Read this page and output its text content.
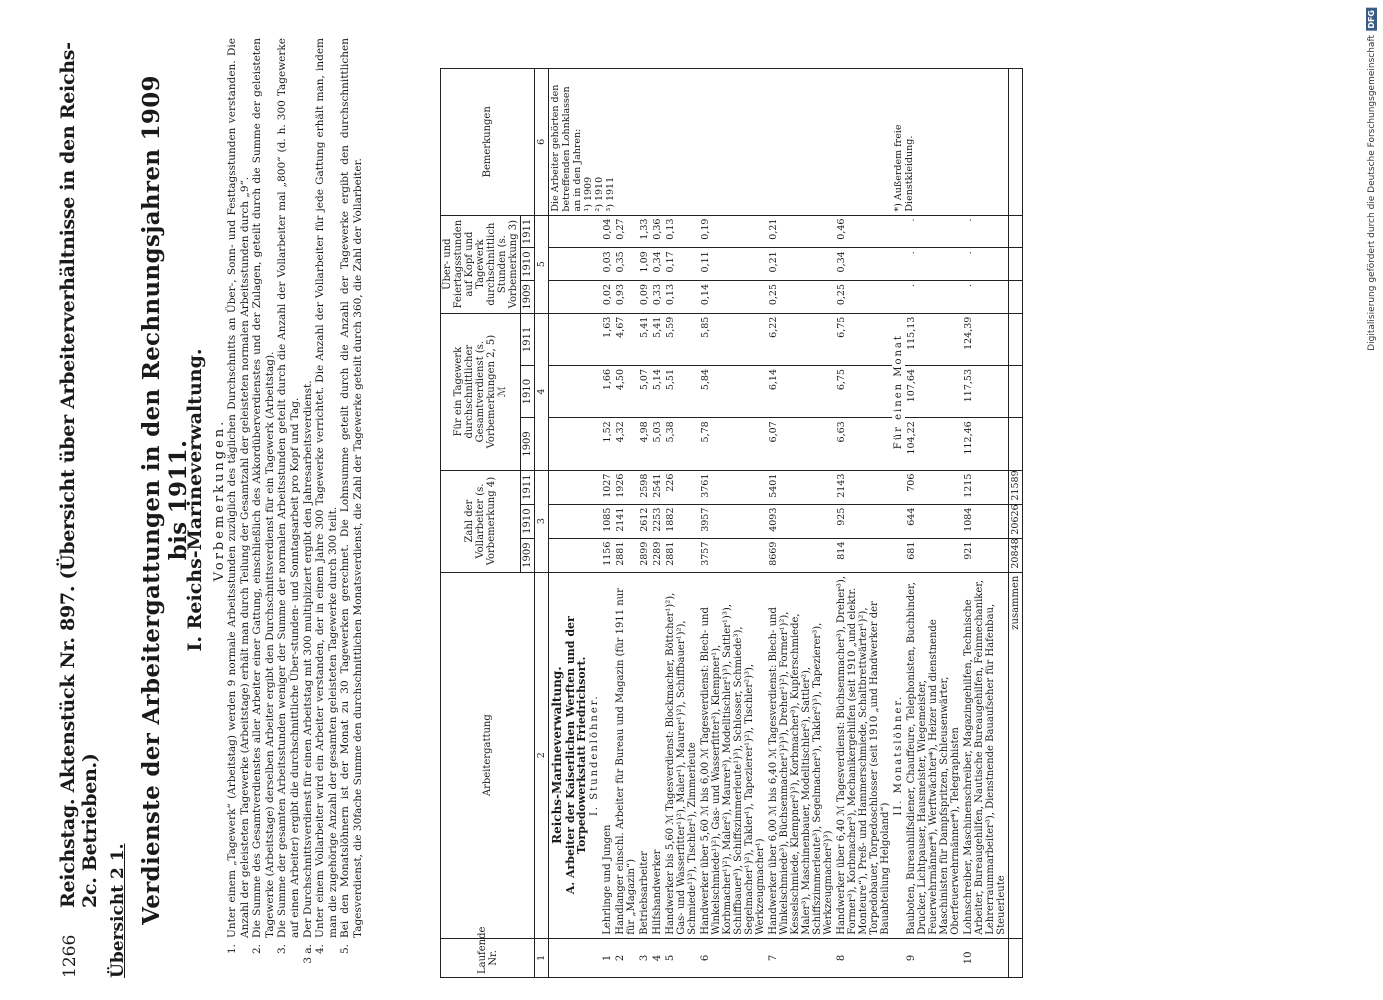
1266
Reichstag. Aktenstück Nr. 897. (Übersicht über Arbeiterverhältnisse in den Reichs- 2c. Betrieben.)
Übersicht 2 1. Verdienste der Arbeitergattungen in den Rechnungsjahren 1909 bis 1911.
I. Reichs-Marineverwaltung. Vorbemerkungen.
1.
Unter einem „Tagewerk“ (Arbeitstag) werden 9 normale Arbeitsstunden zuzüglich des täglichen Durchschnitts an Über-, Sonn- und Festtagsstunden verstanden. Die Anzahl der geleisteten Tagewerke (Arbeitstage) erhält man durch Teilung der Gesamtzahl der geleisteten normalen Arbeitsstunden durch „9“.
2.
Die Summe des Gesamtverdienstes aller Arbeiter einer Gattung, einschließlich des Akkordüberverdienstes und der Zulagen, geteilt durch die Summe der geleisteten Tagewerke (Arbeitstage) derselben Arbeiter ergibt den Durchschnittsverdienst für ein Tagewerk (Arbeitstag).
3.
Die Summe der gesamten Arbeitsstunden weniger der Summe der normalen Arbeitsstunden geteilt durch die Anzahl der Vollarbeiter mal „800“ (d. h. 300 Tagewerke auf einen Arbeiter) ergibt die durchschnittliche Über-stunden- und Sonntagsarbeit pro Kopf und Tag.
3 a.
Der Durchschnittsverdienst für einen Arbeitstag mit 300 multipliziert ergibt den Jahresarbeitsverdienst.
4.
Unter einem Vollarbeiter wird ein Arbeiter verstanden, der in einem Jahre 300 Tagewerke verrichtet. Die Anzahl der Vollarbeiter für jede Gattung erhält man, indem man die zugehörige Anzahl der gesamten geleisteten Tagewerke durch 300 teilt.
5.
Bei den Monatslöhnern ist der Monat zu 30 Tagewerken gerechnet. Die Lohnsumme geteilt durch die Anzahl der Tagewerke ergibt den durchschnittlichen Tagesverdienst, die 30fache Summe den durchschnittlichen Monatsverdienst, die Zahl der Tagewerke geteilt durch 360, die Zahl der Vollarbeiter.
Laufende Nr.	Arbeitergattung	Zahl der Vollarbeiter (s. Vorbemerkung 4)			Für ein Tagewerk durchschnittlicher Gesamtverdienst (s. Vorbemerkungen 2, 5)
ℳ			Über- und Feiertagsstunden auf Kopf und Tagewerk durchschnittlich Stunden (s. Vorbemerkung 3)			Bemerkungen
		1909	1910	1911	1909	1910	1911	1909	1910	1911	
1	2	3			4			5			6
	Reichs-Marineverwaltung.										Die Arbeiter gehörten den betreffenden Lohnklassen an in den Jahren: ¹) 1909 ²) 1910 ³) 1911

	A. Arbeiter der Kaiserlichen Werften und der Torpedowerkstatt Friedrichsort.										
	I. Stundenlöhner.										
1	Lehrlinge und Jungen	1156	1085	1027	1,52	1,66	1,63	0,02	0,03	0,04	
2	Handlanger einschl. Arbeiter für Bureau und Magazin (für 1911 nur für „Magazin“)	2881	2141	1926	4,32	4,50	4,67	0,93	0,35	0,27	
3	Betriebsarbeiter	2899	2612	2598	4,98	5,07	5,41	0,09	1,09	1,33	
4	Hilfshandwerker	2289	2253	2541	5,03	5,14	5,41	0,33	0,34	0,36	
5	Handwerker bis 5,60 ℳ Tagesverdienst: Blockmacher, Böttcher¹)²), Gas- und Wasserfitter¹)²), Maler¹), Maurer¹)²), Schiffbauer¹)²), Schmiede¹)²), Tischler¹), Zimmerleute	2881	1882	226	5,38	5,51	5,59	0,13	0,17	0,13	
6	Handwerker über 5,60 ℳ bis 6,00 ℳ Tagesverdienst: Blech- und Winkelschmiede¹)²), Gas- und Wasserfitter³), Klempner¹), Korbmacher¹)²), Maler²), Maurer³), Modelltischler¹)³), Sattler¹)³), Schiffbauer³), Schiffszimmerleute¹)³), Schlosser, Schmiede³), Segelmacher¹)²), Takler¹), Tapezierer¹)²), Tischler²)³), Werkzeugmacher¹)	3757	3957	3761	5,78	5,84	5,85	0,14	0,11	0,19	
7	Handwerker über 6,00 ℳ bis 6,40 ℳ Tagesverdienst: Blech- und Winkelschmiede³), Büchsenmacher¹)²)³), Dreher¹)²), Former¹)²), Kesselschmiede, Klempner²)³), Korbmacher³), Kupferschmiede, Maler³), Maschinenbauer, Modelltischler²), Sattler²), Schiffszimmerleute³), Segelmacher³), Takler²)³), Tapezierer³), Werkzeugmacher²)³)	8669	4093	5401	6,07	6,14	6,22	0,25	0,21	0,21	
8	Handwerker über 6,40 ℳ Tagesverdienst: Büchsenmacher³), Dreher³), Former³), Korbmacher³), Mechanikergehilfen (seit 1910 „und elektr. Monteure“), Preß- und Hammerschmiede, Schaltbrettwärter¹)²), Torpedobauer, Torpedoschlosser (seit 1910 „und Handwerker der Bauabteilung Helgoland“)	814	925	2143	6,63	6,75	6,75	0,25	0,34	0,46	
	II. Monatslöhner.				Für einen Monat						*) Außerdem freie Dienstkleidung.
9	Bauboten, Bureauhilfsdiener, Chauffeure, Telephonisten, Buchbinder, Drucker, Lichtpauser, Hausmeister, Wiegemeister, Feuerwehrmänner*), Werftwächter*), Heizer und dienstnende Maschinisten für Dampfspritzen, Schleusenwärter, Oberfeuerwehrmänner*), Telegraphisten	681	644	706	104,22	107,64	115,13	.	.	.	
10	Lohnschreiber, Maschinenschreiber, Magazingehilfen, Technische Arbeiter, Bureaugehilfen, Nautische Bureaugehilfen, Feinmechaniker, Lehrerraummarbeiter³), Dienstnende Bauaufseher für Hafenbau, Steuerleute	921	1084	1215	112,46	117,53	124,39	.	.	.	
	zusammen	20848	20626	21589							
DFG
Digitalisierung gefördert durch die Deutsche Forschungsgemeinschaft
